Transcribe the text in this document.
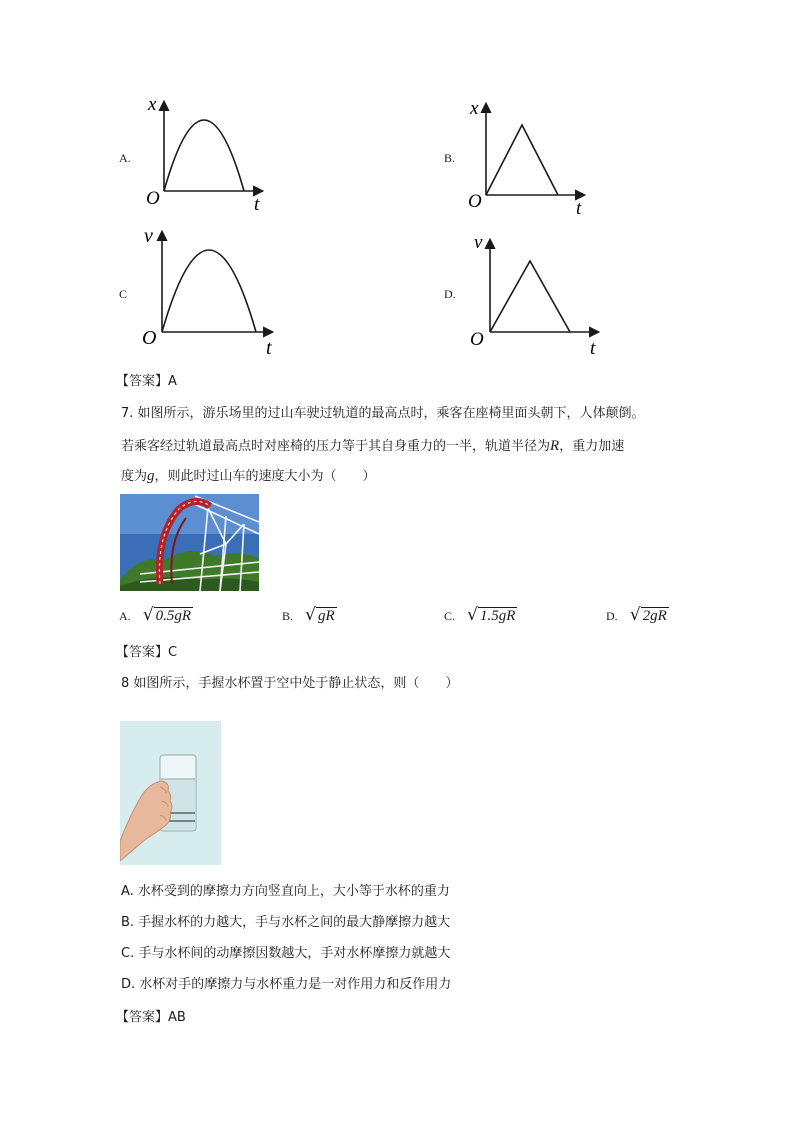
A.
x
O	t
B.
x
O	t
C
v
O	t
D.
v
O	t
【答案】A
7. 如图所示，游乐场里的过山车驶过轨道的最高点时，乘客在座椅里面头朝下，人体颠倒。
若乘客经过轨道最高点时对座椅的压力等于其自身重力的一半，轨道半径为R，重力加速
度为g，则此时过山车的速度大小为（　　）
A. √ 0.5gR	B. √ gR	C. √ 1.5gR	D. √ 2gR
【答案】C
8 如图所示，手握水杯置于空中处于静止状态，则（　　）
A. 水杯受到的摩擦力方向竖直向上，大小等于水杯的重力
B. 手握水杯的力越大，手与水杯之间的最大静摩擦力越大
C. 手与水杯间的动摩擦因数越大，手对水杯摩擦力就越大
D. 水杯对手的摩擦力与水杯重力是一对作用力和反作用力
【答案】AB
